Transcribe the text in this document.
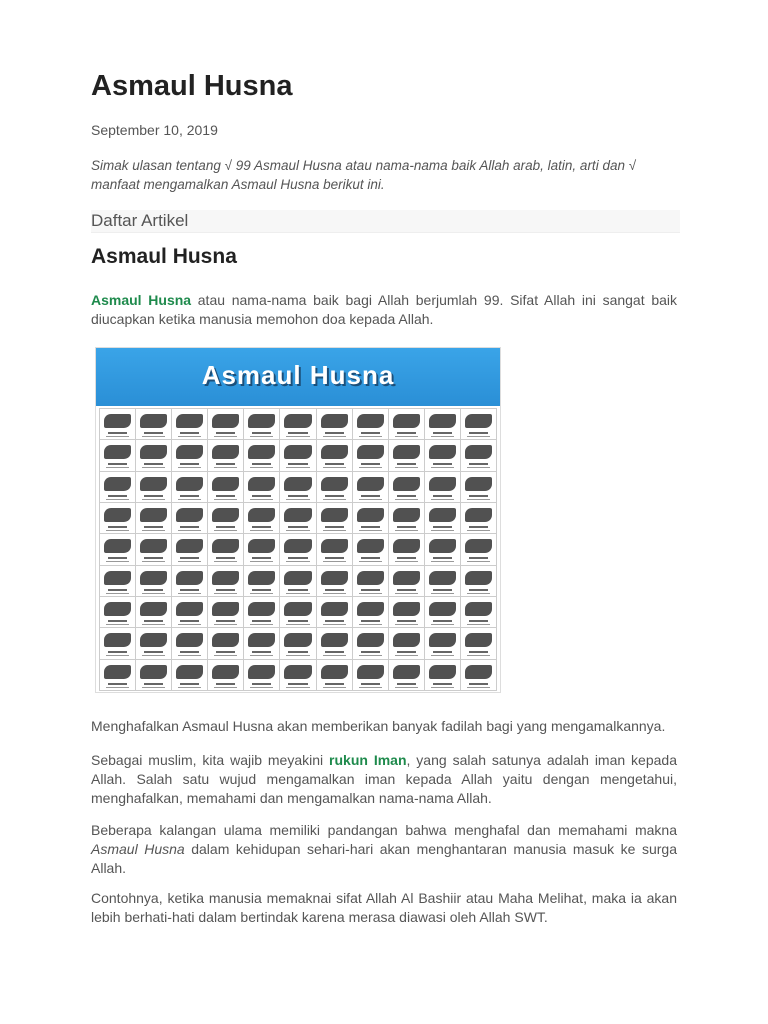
Asmaul Husna
September 10, 2019
Simak ulasan tentang √ 99 Asmaul Husna atau nama-nama baik Allah arab, latin, arti dan √ manfaat mengamalkan Asmaul Husna berikut ini.
Daftar Artikel
Asmaul Husna
Asmaul Husna atau nama-nama baik bagi Allah berjumlah 99. Sifat Allah ini sangat baik diucapkan ketika manusia memohon doa kepada Allah.
Asmaul Husna
Menghafalkan Asmaul Husna akan memberikan banyak fadilah bagi yang mengamalkannya.
Sebagai muslim, kita wajib meyakini rukun Iman, yang salah satunya adalah iman kepada Allah. Salah satu wujud mengamalkan iman kepada Allah yaitu dengan mengetahui, menghafalkan, memahami dan mengamalkan nama-nama Allah.
Beberapa kalangan ulama memiliki pandangan bahwa menghafal dan memahami makna Asmaul Husna dalam kehidupan sehari-hari akan menghantaran manusia masuk ke surga Allah.
Contohnya, ketika manusia memaknai sifat Allah Al Bashiir atau Maha Melihat, maka ia akan lebih berhati-hati dalam bertindak karena merasa diawasi oleh Allah SWT.
